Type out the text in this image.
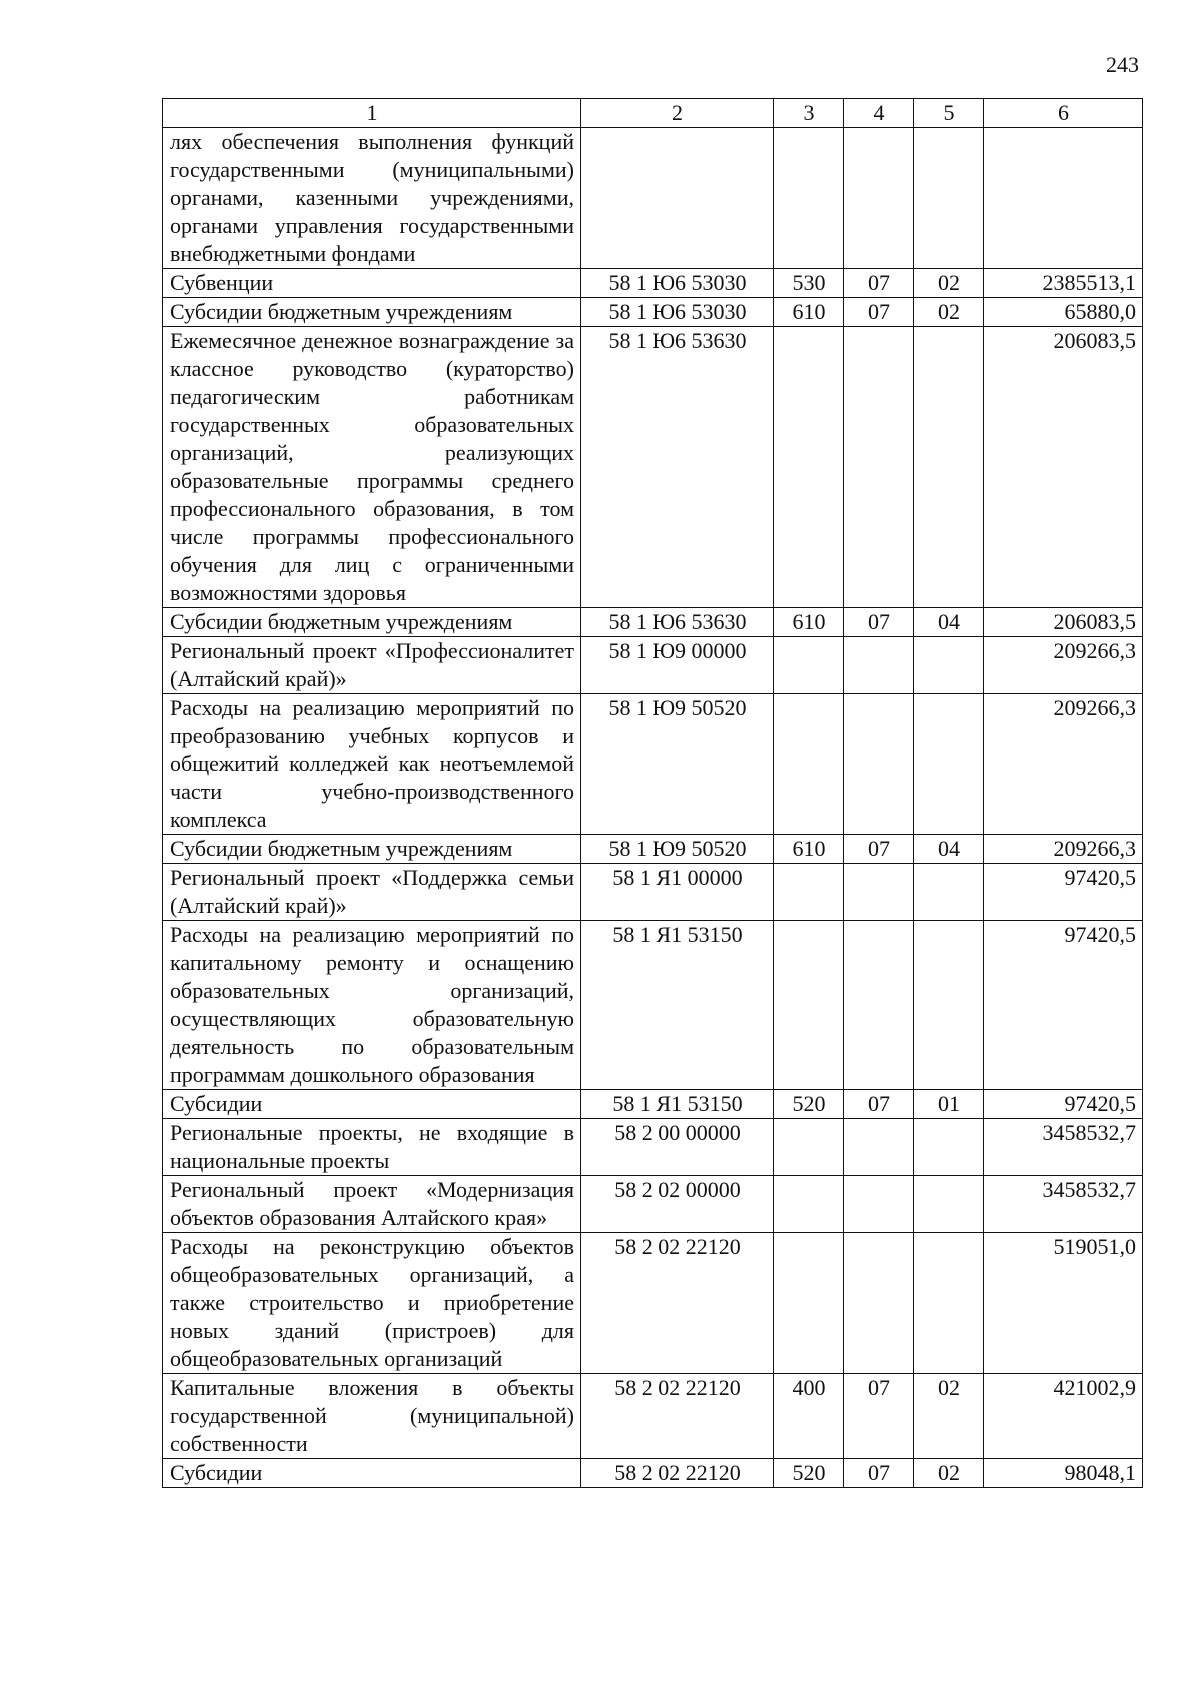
243
1	2	3	4	5	6
лях обеспечения выполнения функций государственными (муниципальными) органами, казенными учреждениями, органами управления государственными внебюджетными фондами					
Субвенции	58 1 Ю6 53030	530	07	02	2385513,1
Субсидии бюджетным учреждениям	58 1 Ю6 53030	610	07	02	65880,0
Ежемесячное денежное вознаграждение за классное руководство (кураторство) педагогическим работникам государственных образовательных организаций, реализующих образовательные программы среднего профессионального образования, в том числе программы профессионального обучения для лиц с ограниченными возможностями здоровья	58 1 Ю6 53630				206083,5
Субсидии бюджетным учреждениям	58 1 Ю6 53630	610	07	04	206083,5
Региональный проект «Профессионалитет (Алтайский край)»	58 1 Ю9 00000				209266,3
Расходы на реализацию мероприятий по преобразованию учебных корпусов и общежитий колледжей как неотъемлемой части учебно-производственного комплекса	58 1 Ю9 50520				209266,3
Субсидии бюджетным учреждениям	58 1 Ю9 50520	610	07	04	209266,3
Региональный проект «Поддержка семьи (Алтайский край)»	58 1 Я1 00000				97420,5
Расходы на реализацию мероприятий по капитальному ремонту и оснащению образовательных организаций, осуществляющих образовательную деятельность по образовательным программам дошкольного образования	58 1 Я1 53150				97420,5
Субсидии	58 1 Я1 53150	520	07	01	97420,5
Региональные проекты, не входящие в национальные проекты	58 2 00 00000				3458532,7
Региональный проект «Модернизация объектов образования Алтайского края»	58 2 02 00000				3458532,7
Расходы на реконструкцию объектов общеобразовательных организаций, а также строительство и приобретение новых зданий (пристроев) для общеобразовательных организаций	58 2 02 22120				519051,0
Капитальные вложения в объекты государственной (муниципальной) собственности	58 2 02 22120	400	07	02	421002,9
Субсидии	58 2 02 22120	520	07	02	98048,1
